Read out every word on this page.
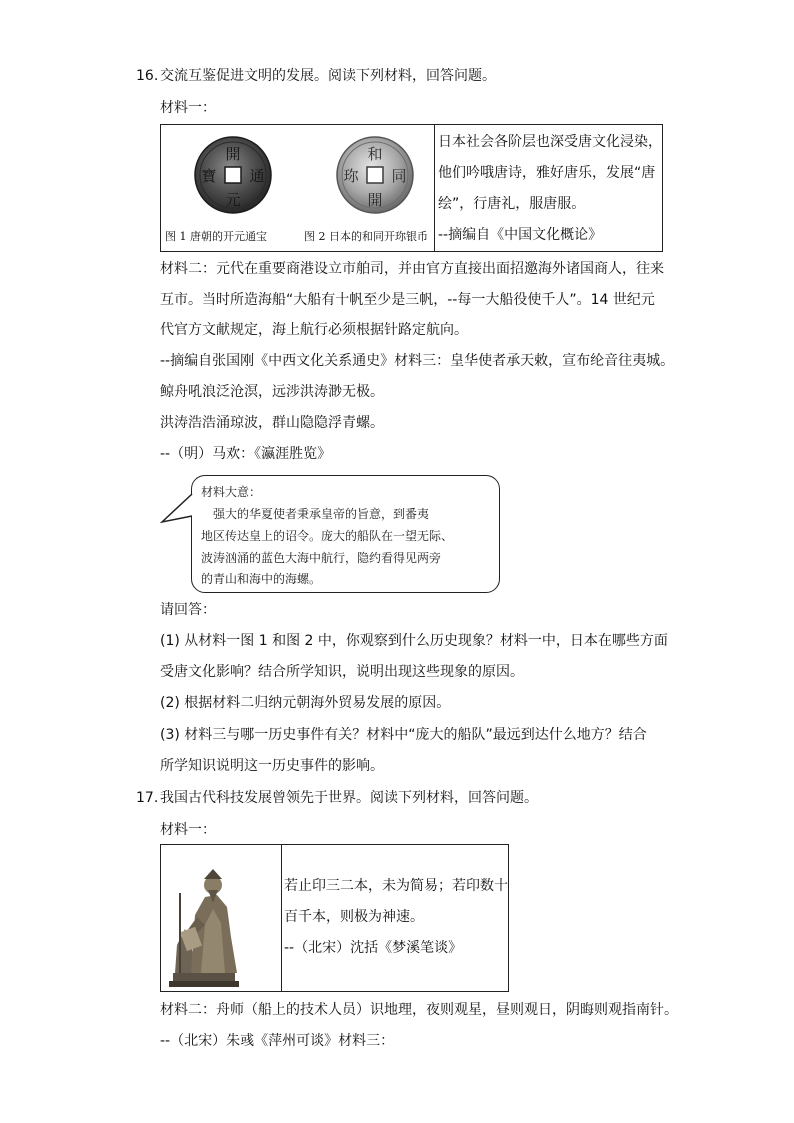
16. 交流互鉴促进文明的发展。阅读下列材料，回答问题。
材料一：
開
元
通
寶
和
同
開
珎
图 1 唐朝的开元通宝	图 2 日本的和同开珎银币

日本社会各阶层也深受唐文化浸染，
他们吟哦唐诗，雅好唐乐，发展“唐
绘”，行唐礼，服唐服。
--摘编自《中国文化概论》
材料二：元代在重要商港设立市舶司，并由官方直接出面招邀海外诸国商人，往来
互市。当时所造海船“大船有十帆至少是三帆，--每一大船役使千人”。14 世纪元
代官方文献规定，海上航行必须根据针路定航向。
--摘编自张国刚《中西文化关系通史》材料三：皇华使者承天敕，宣布纶音往夷城。
鲸舟吼浪泛沧溟，远涉洪涛渺无极。
洪涛浩浩涌琼波，群山隐隐浮青螺。
--（明）马欢：《瀛涯胜览》
材料大意：
　强大的华夏使者秉承皇帝的旨意，到番夷
地区传达皇上的诏令。庞大的船队在一望无际、
波涛汹涌的蓝色大海中航行，隐约看得见两旁
的青山和海中的海螺。
请回答：
(1) 从材料一图 1 和图 2 中，你观察到什么历史现象？材料一中，日本在哪些方面
受唐文化影响？结合所学知识，说明出现这些现象的原因。
(2) 根据材料二归纳元朝海外贸易发展的原因。
(3) 材料三与哪一历史事件有关？材料中“庞大的船队”最远到达什么地方？结合
所学知识说明这一历史事件的影响。
17. 我国古代科技发展曾领先于世界。阅读下列材料，回答问题。
材料一：

若止印三二本，未为简易；若印数十
百千本，则极为神速。
--（北宋）沈括《梦溪笔谈》
材料二：舟师（船上的技术人员）识地理，夜则观星，昼则观日，阴晦则观指南针。
--（北宋）朱彧《萍州可谈》材料三：
